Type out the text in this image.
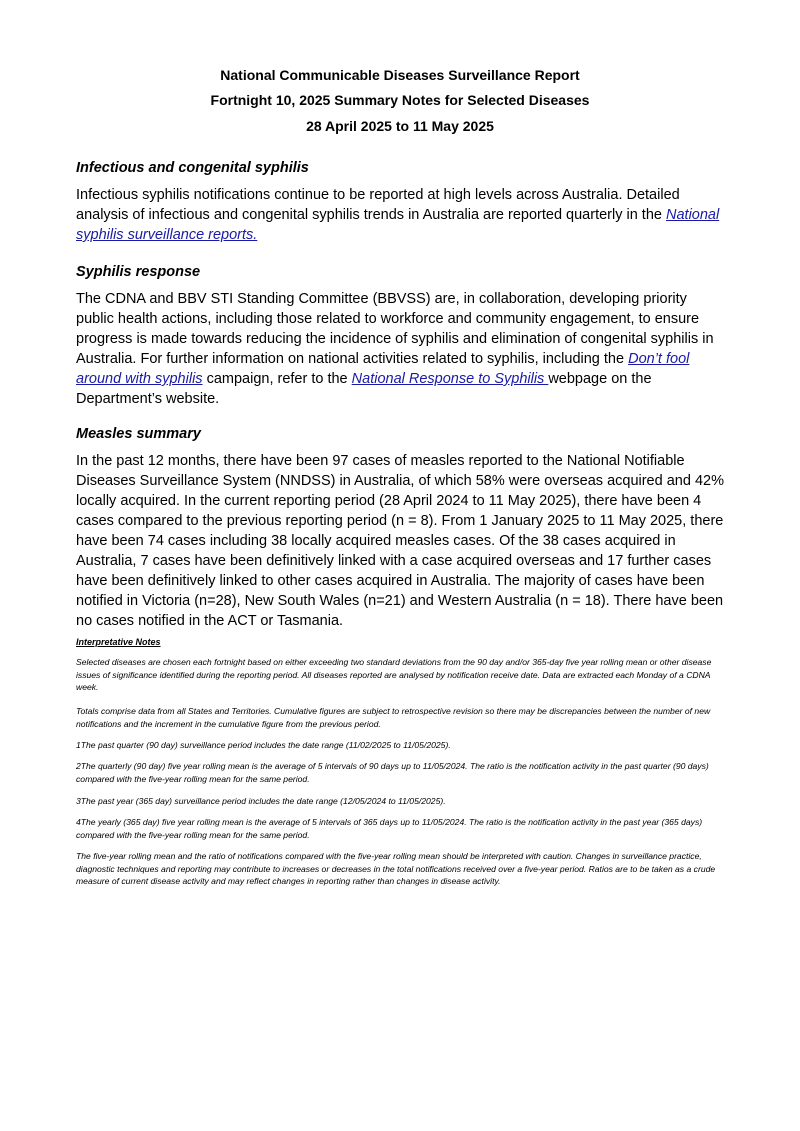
National Communicable Diseases Surveillance Report

Fortnight 10, 2025 Summary Notes for Selected Diseases

28 April 2025 to 11 May 2025

Infectious and congenital syphilis

Infectious syphilis notifications continue to be reported at high levels across Australia. Detailed analysis of infectious and congenital syphilis trends in Australia are reported quarterly in the National syphilis surveillance reports.

Syphilis response

The CDNA and BBV STI Standing Committee (BBVSS) are, in collaboration, developing priority public health actions, including those related to workforce and community engagement, to ensure progress is made towards reducing the incidence of syphilis and elimination of congenital syphilis in Australia. For further information on national activities related to syphilis, including the Don’t fool around with syphilis campaign, refer to the National Response to Syphilis webpage on the Department’s website.

Measles summary

In the past 12 months, there have been 97 cases of measles reported to the National Notifiable Diseases Surveillance System (NNDSS) in Australia, of which 58% were overseas acquired and 42% locally acquired. In the current reporting period (28 April 2024 to 11 May 2025), there have been 4 cases compared to the previous reporting period (n = 8). From 1 January 2025 to 11 May 2025, there have been 74 cases including 38 locally acquired measles cases. Of the 38 cases acquired in Australia, 7 cases have been definitively linked with a case acquired overseas and 17 further cases have been definitively linked to other cases acquired in Australia. The majority of cases have been notified in Victoria (n=28), New South Wales (n=21) and Western Australia (n = 18). There have been no cases notified in the ACT or Tasmania.

Interpretative Notes

Selected diseases are chosen each fortnight based on either exceeding two standard deviations from the 90 day and/or 365-day five year rolling mean or other disease issues of significance identified during the reporting period. All diseases reported are analysed by notification receive date. Data are extracted each Monday of a CDNA week.

Totals comprise data from all States and Territories. Cumulative figures are subject to retrospective revision so there may be discrepancies between the number of new notifications and the increment in the cumulative figure from the previous period.

1The past quarter (90 day) surveillance period includes the date range (11/02/2025 to 11/05/2025).

2The quarterly (90 day) five year rolling mean is the average of 5 intervals of 90 days up to 11/05/2024. The ratio is the notification activity in the past quarter (90 days) compared with the five-year rolling mean for the same period.

3The past year (365 day) surveillance period includes the date range (12/05/2024 to 11/05/2025).

4The yearly (365 day) five year rolling mean is the average of 5 intervals of 365 days up to 11/05/2024. The ratio is the notification activity in the past year (365 days) compared with the five-year rolling mean for the same period.

The five-year rolling mean and the ratio of notifications compared with the five-year rolling mean should be interpreted with caution. Changes in surveillance practice, diagnostic techniques and reporting may contribute to increases or decreases in the total notifications received over a five-year period. Ratios are to be taken as a crude measure of current disease activity and may reflect changes in reporting rather than changes in disease activity.
